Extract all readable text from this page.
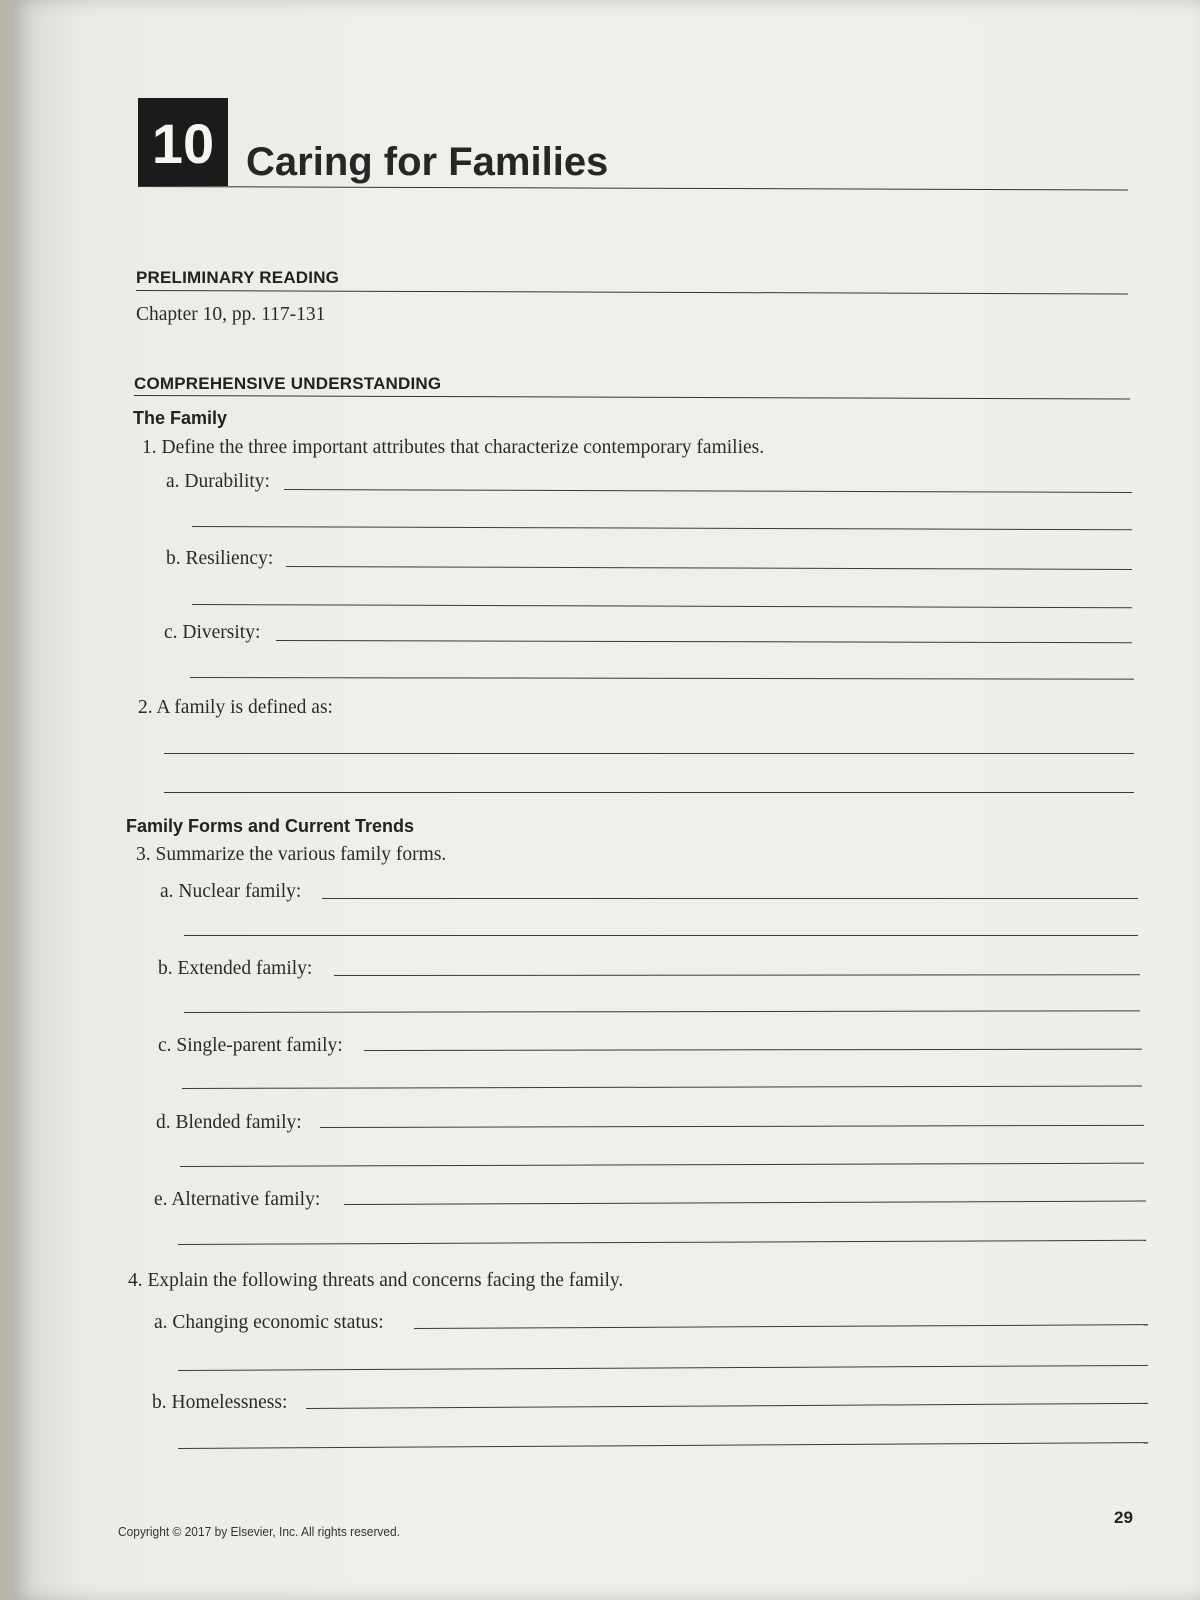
10 Caring for Families
PRELIMINARY READING
Chapter 10, pp. 117-131
COMPREHENSIVE UNDERSTANDING
The Family
1. Define the three important attributes that characterize contemporary families.
a. Durability:
b. Resiliency:
c. Diversity:
2. A family is defined as:
Family Forms and Current Trends
3. Summarize the various family forms.
a. Nuclear family:
b. Extended family:
c. Single-parent family:
d. Blended family:
e. Alternative family:
4. Explain the following threats and concerns facing the family.
a. Changing economic status:
b. Homelessness:
Copyright © 2017 by Elsevier, Inc. All rights reserved.
29
